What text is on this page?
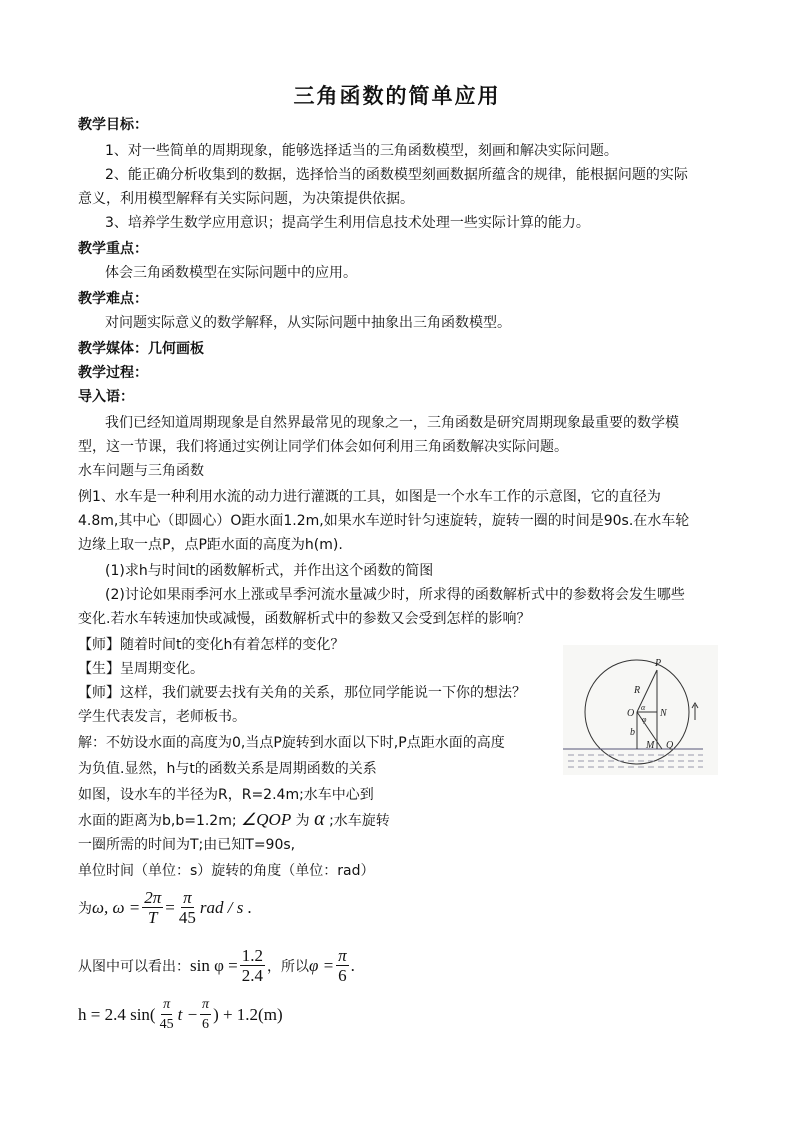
三角函数的简单应用
教学目标：
1、对一些简单的周期现象，能够选择适当的三角函数模型，刻画和解决实际问题。
2、能正确分析收集到的数据，选择恰当的函数模型刻画数据所蕴含的规律，能根据问题的实际
意义，利用模型解释有关实际问题，为决策提供依据。
3、培养学生数学应用意识；提高学生利用信息技术处理一些实际计算的能力。
教学重点：
体会三角函数模型在实际问题中的应用。
教学难点：
对问题实际意义的数学解释，从实际问题中抽象出三角函数模型。
教学媒体：几何画板
教学过程：
导入语：
我们已经知道周期现象是自然界最常见的现象之一，三角函数是研究周期现象最重要的数学模
型，这一节课，我们将通过实例让同学们体会如何利用三角函数解决实际问题。
水车问题与三角函数
例1、水车是一种利用水流的动力进行灌溉的工具，如图是一个水车工作的示意图，它的直径为
4.8m,其中心（即圆心）O距水面1.2m,如果水车逆时针匀速旋转，旋转一圈的时间是90s.在水车轮
边缘上取一点P，点P距水面的高度为h(m).
(1)求h与时间t的函数解析式，并作出这个函数的简图
(2)讨论如果雨季河水上涨或旱季河流水量减少时，所求得的函数解析式中的参数将会发生哪些
变化.若水车转速加快或减慢，函数解析式中的参数又会受到怎样的影响？
【师】随着时间t的变化h有着怎样的变化？
【生】呈周期变化。
【师】这样，我们就要去找有关角的关系，那位同学能说一下你的想法？
学生代表发言，老师板书。
解：不妨设水面的高度为0,当点P旋转到水面以下时,P点距水面的高度
为负值.显然，h与t的函数关系是周期函数的关系
如图，设水车的半径为R，R=2.4m;水车中心到
水面的距离为b,b=1.2m; ∠QOP 为 α ;水车旋转
一圈所需的时间为T;由已知T=90s,
单位时间（单位：s）旋转的角度（单位：rad）
为 ω, $\omega = \frac{2\pi}{T} = \frac{\pi}{45}$ rad / s .
从图中可以看出： $\sin \varphi = \frac{1.2}{2.4}$ ，所以 $\varphi = \frac{\pi}{6}$ .
h = 2.4 $\sin( \frac{\pi}{45}$ $t - \frac{\pi}{6}$ ) + 1.2(m)
P
R
O
α
φ
N
b
M Q
